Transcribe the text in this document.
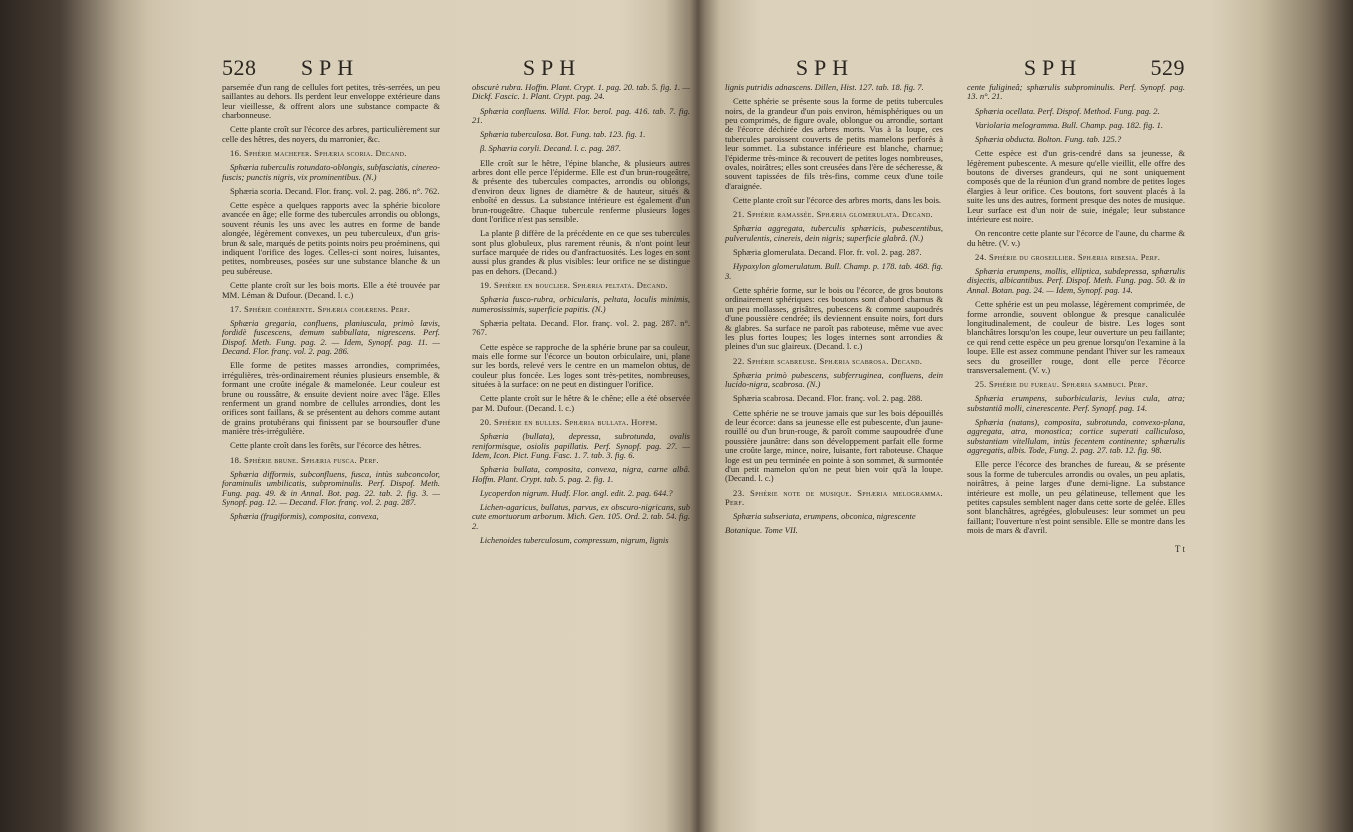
528 SPH	SPH

parsemée d'un rang de cellules fort petites, très-serrées, un peu saillantes au dehors. Ils perdent leur enveloppe extérieure dans leur vieillesse, & offrent alors une substance compacte & charbonneuse.

Cette plante croît sur l'écorce des arbres, particulièrement sur celle des hêtres, des noyers, du marronier, &c.

16. Sphérie machefer. Sphæria scoria. Decand.

Sphæria tuberculis rotundato-oblongis, subfasciatis, cinereo-fuscis; punctis nigris, vix prominentibus. (N.)

Sphæria scoria. Decand. Flor. franç. vol. 2. pag. 286. n°. 762.

Cette espèce a quelques rapports avec la sphérie bicolore avancée en âge; elle forme des tubercules arrondis ou oblongs, souvent réunis les uns avec les autres en forme de bande alongée, légèrement convexes, un peu tuberculeux, d'un gris-brun & sale, marqués de petits points noirs peu proéminens, qui indiquent l'orifice des loges. Celles-ci sont noires, luisantes, petites, nombreuses, posées sur une substance blanche & un peu subéreuse.

Cette plante croît sur les bois morts. Elle a été trouvée par MM. Léman & Dufour. (Decand. l. c.)

17. Sphérie cohérente. Sphæria cohærens. Perf.

Sphæria gregaria, confluens, planiuscula, primò lævis, fordidè fuscescens, demum subbullata, nigrescens. Perf. Dispof. Meth. Fung. pag. 2. — Idem, Synopf. pag. 11. — Decand. Flor. franç. vol. 2. pag. 286.

Elle forme de petites masses arrondies, comprimées, irrégulières, très-ordinairement réunies plusieurs ensemble, & formant une croûte inégale & mamelonée. Leur couleur est brune ou roussâtre, & ensuite devient noire avec l'âge. Elles renferment un grand nombre de cellules arrondies, dont les orifices sont faillans, & se présentent au dehors comme autant de grains protubérans qui finissent par se boursoufler d'une manière très-irrégulière.

Cette plante croît dans les forêts, sur l'écorce des hêtres.

18. Sphérie brune. Sphæria fusca. Perf.

Sphæria difformis, subconfluens, fusca, intùs subconcolor, foraminulis umbilicatis, subprominulis. Perf. Dispof. Meth. Fung. pag. 49. & in Annal. Bot. pag. 22. tab. 2. fig. 3. — Synopf. pag. 12. — Decand. Flor. franç. vol. 2. pag. 287.

Sphæria (frugiformis), composita, convexa,

obscurè rubra. Hoffm. Plant. Crypt. 1. pag. 20. tab. 5. fig. 1. — Dickf. Fascic. 1. Plant. Crypt. pag. 24.

Sphæria confluens. Willd. Flor. berol. pag. 416. tab. 7. fig. 21.

Sphæria tuberculosa. Bot. Fung. tab. 123. fig. 1.

β. Sphæria coryli. Decand. l. c. pag. 287.

Elle croît sur le hêtre, l'épine blanche, & plusieurs autres arbres dont elle perce l'épiderme. Elle est d'un brun-rougeâtre, & présente des tubercules compactes, arrondis ou oblongs, d'environ deux lignes de diamètre & de hauteur, situés & enboîté en dessus. La substance intérieure est également d'un brun-rougeâtre. Chaque tubercule renferme plusieurs loges dont l'orifice n'est pas sensible.

La plante β diffère de la précédente en ce que ses tubercules sont plus globuleux, plus rarement réunis, & n'ont point leur surface marquée de rides ou d'anfractuosités. Les loges en sont aussi plus grandes & plus visibles: leur orifice ne se distingue pas en dehors. (Decand.)

19. Sphérie en bouclier. Sphæria peltata. Decand.

Sphæria fusco-rubra, orbicularis, peltata, loculis minimis, numerosissimis, superficie papitis. (N.)

Sphæria peltata. Decand. Flor. franç. vol. 2. pag. 287. n°. 767.

Cette espèce se rapproche de la sphérie brune par sa couleur, mais elle forme sur l'écorce un bouton orbiculaire, uni, plane sur les bords, relevé vers le centre en un mamelon obtus, de couleur plus foncée. Les loges sont très-petites, nombreuses, situées à la surface: on ne peut en distinguer l'orifice.

Cette plante croît sur le hêtre & le chêne; elle a été observée par M. Dufour. (Decand. l. c.)

20. Sphérie en bulles. Sphæria bullata. Hoffm.

Sphæria (bullata), depressa, subrotunda, ovalis reniformisque, osiolis papillatis. Perf. Synopf. pag. 27. — Idem, Icon. Pict. Fung. Fasc. 1. 7. tab. 3. fig. 6.

Sphæria bullata, composita, convexa, nigra, carne albâ. Hoffm. Plant. Crypt. tab. 5. pag. 2. fig. 1.

Lycoperdon nigrum. Hudf. Flor. angl. edit. 2. pag. 644.?

Lichen-agaricus, bullatus, parvus, ex obscuro-nigricans, sub cute emortuorum arborum. Mich. Gen. 105. Ord. 2. tab. 54. fig. 2.

Lichenoides tuberculosum, compressum, nigrum, lignis

SPH	SPH	529

lignis putridis adnascens. Dillen, Hist. 127. tab. 18. fig. 7.

Cette sphérie se présente sous la forme de petits tubercules noirs, de la grandeur d'un pois environ, hémisphériques ou un peu comprimés, de figure ovale, oblongue ou arrondie, sortant de l'écorce déchirée des arbres morts. Vus à la loupe, ces tubercules paroissent couverts de petits mamelons perforés à leur sommet. La substance inférieure est blanche, charnue; l'épiderme très-mince & recouvert de petites loges nombreuses, ovales, noirâtres; elles sont creusées dans l'ère de sécheresse, & souvent tapissées de fils très-fins, comme ceux d'une toile d'araignée.

Cette plante croît sur l'écorce des arbres morts, dans les bois.

21. Sphérie ramassée. Sphæria glomerulata. Decand.

Sphæria aggregata, tuberculis sphæricis, pubescentibus, pulverulentis, cinereis, dein nigris; superficie glabrâ. (N.)

Sphæria glomerulata. Decand. Flor. fr. vol. 2. pag. 287.

Hypoxylon glomerulatum. Bull. Champ. p. 178. tab. 468. fig. 3.

Cette sphérie forme, sur le bois ou l'écorce, de gros boutons ordinairement sphériques: ces boutons sont d'abord charnus & un peu mollasses, grisâtres, pubescens & comme saupoudrés d'une poussière cendrée; ils deviennent ensuite noirs, fort durs & glabres. Sa surface ne paroît pas raboteuse, même vue avec les plus fortes loupes; les loges internes sont arrondies & pleines d'un suc glaireux. (Decand. l. c.)

22. Sphérie scabreuse. Sphæria scabrosa. Decand.

Sphæria primò pubescens, subferruginea, confluens, dein lucido-nigra, scabrosa. (N.)

Sphæria scabrosa. Decand. Flor. franç. vol. 2. pag. 288.

Cette sphérie ne se trouve jamais que sur les bois dépouillés de leur écorce: dans sa jeunesse elle est pubescente, d'un jaune-rouillé ou d'un brun-rouge, & paroît comme saupoudrée d'une poussière jaunâtre: dans son développement parfait elle forme une croûte large, mince, noire, luisante, fort raboteuse. Chaque loge est un peu terminée en pointe à son sommet, & surmontée d'un petit mamelon qu'on ne peut bien voir qu'à la loupe. (Decand. l. c.)

23. Sphérie note de musique. Sphæria melogramma. Perf.

Sphæria subseriata, erumpens, obconica, nigrescente

Botanique. Tome VII.

cente fuligineâ; sphærulis subprominulis. Perf. Synopf. pag. 13. n°. 21.

Sphæria ocellata. Perf. Dispof. Method. Fung. pag. 2.

Variolaria melogramma. Bull. Champ. pag. 182. fig. 1.

Sphæria obducta. Bolton. Fung. tab. 125.?

Cette espèce est d'un gris-cendré dans sa jeunesse, & légèrement pubescente. A mesure qu'elle vieillit, elle offre des boutons de diverses grandeurs, qui ne sont uniquement composés que de la réunion d'un grand nombre de petites loges élargies à leur orifice. Ces boutons, fort souvent placés à la suite les uns des autres, forment presque des notes de musique. Leur surface est d'un noir de suie, inégale; leur substance intérieure est noire.

On rencontre cette plante sur l'écorce de l'aune, du charme & du hêtre. (V. v.)

24. Sphérie du groseillier. Sphæria ribesia. Perf.

Sphæria erumpens, mollis, elliptica, subdepressa, sphærulis disjectis, albicantibus. Perf. Dispof. Meth. Fung. pag. 50. & in Annal. Botan. pag. 24. — Idem, Synopf. pag. 14.

Cette sphérie est un peu molasse, légèrement comprimée, de forme arrondie, souvent oblongue & presque canaliculée longitudinalement, de couleur de bistre. Les loges sont blanchâtres lorsqu'on les coupe, leur ouverture un peu faillante; ce qui rend cette espèce un peu grenue lorsqu'on l'examine à la loupe. Elle est assez commune pendant l'hiver sur les rameaux secs du groseiller rouge, dont elle perce l'écorce transversalement. (V. v.)

25. Sphérie du fureau. Sphæria sambuci. Perf.

Sphæria erumpens, suborbicularis, levius cula, atra; substantiâ molli, cinerescente. Perf. Synopf. pag. 14.

Sphæria (natans), composita, subrotunda, convexo-plana, aggregata, atra, monostica; cortice superati calliculoso, substantiam vitellulam, intùs fecentem continente; sphærulis aggregatis, albis. Tode, Fung. 2. pag. 27. tab. 12. fig. 98.

Elle perce l'écorce des branches de fureau, & se présente sous la forme de tubercules arrondis ou ovales, un peu aplatis, noirâtres, à peine larges d'une demi-ligne. La substance intérieure est molle, un peu gélatineuse, tellement que les petites capsules semblent nager dans cette sorte de gelée. Elles sont blanchâtres, agrégées, globuleuses: leur sommet un peu faillant; l'ouverture n'est point sensible. Elle se montre dans les mois de mars & d'avril.

T t
